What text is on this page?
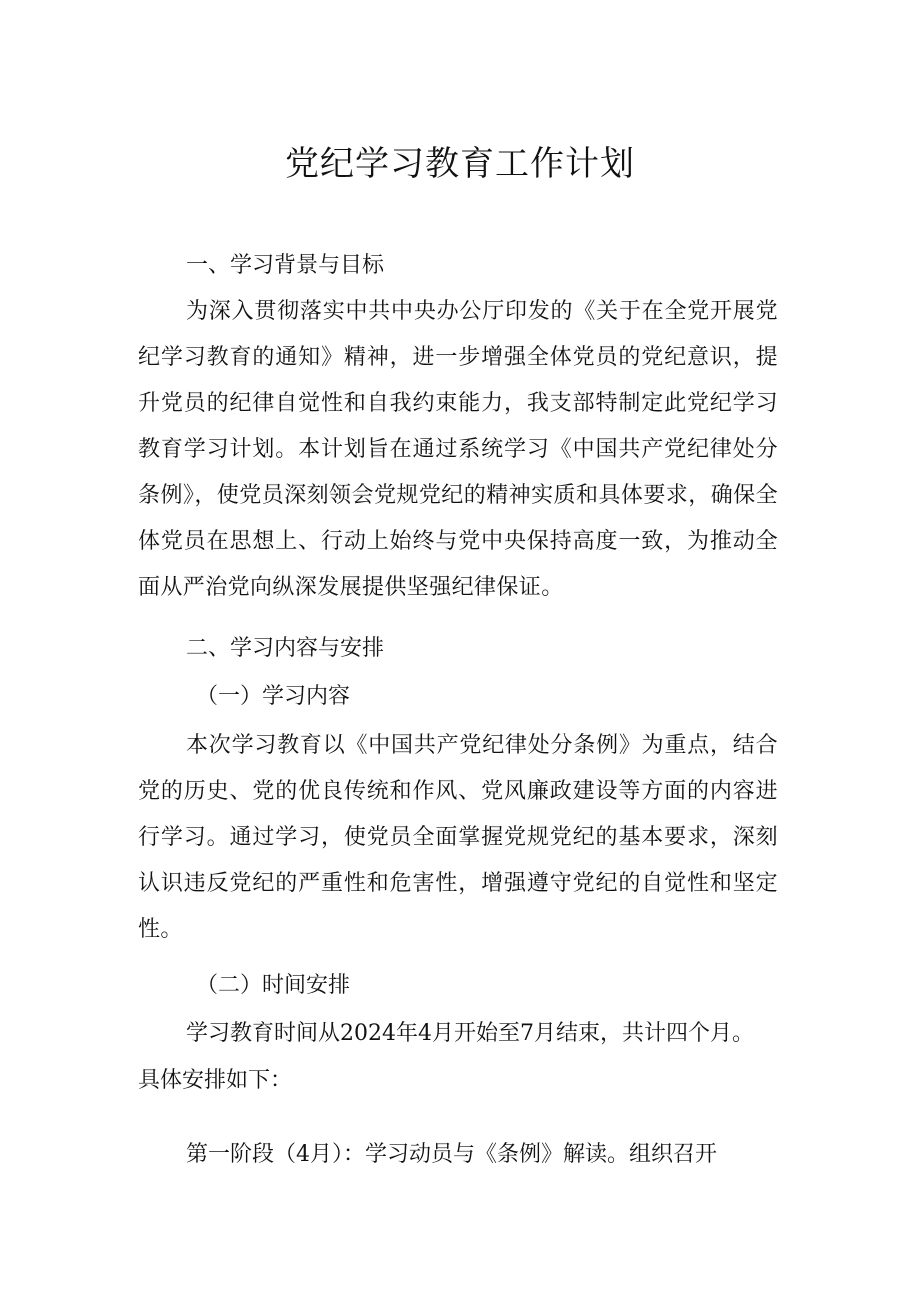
党纪学习教育工作计划

一、学习背景与目标

为深入贯彻落实中共中央办公厅印发的《关于在全党开展党纪学习教育的通知》精神，进一步增强全体党员的党纪意识，提升党员的纪律自觉性和自我约束能力，我支部特制定此党纪学习教育学习计划。本计划旨在通过系统学习《中国共产党纪律处分条例》，使党员深刻领会党规党纪的精神实质和具体要求，确保全体党员在思想上、行动上始终与党中央保持高度一致，为推动全面从严治党向纵深发展提供坚强纪律保证。

二、学习内容与安排

（一）学习内容

本次学习教育以《中国共产党纪律处分条例》为重点，结合党的历史、党的优良传统和作风、党风廉政建设等方面的内容进行学习。通过学习，使党员全面掌握党规党纪的基本要求，深刻认识违反党纪的严重性和危害性，增强遵守党纪的自觉性和坚定性。

（二）时间安排

学习教育时间从2024年4月开始至7月结束，共计四个月。

具体安排如下：

第一阶段（4月）：学习动员与《条例》解读。组织召开
